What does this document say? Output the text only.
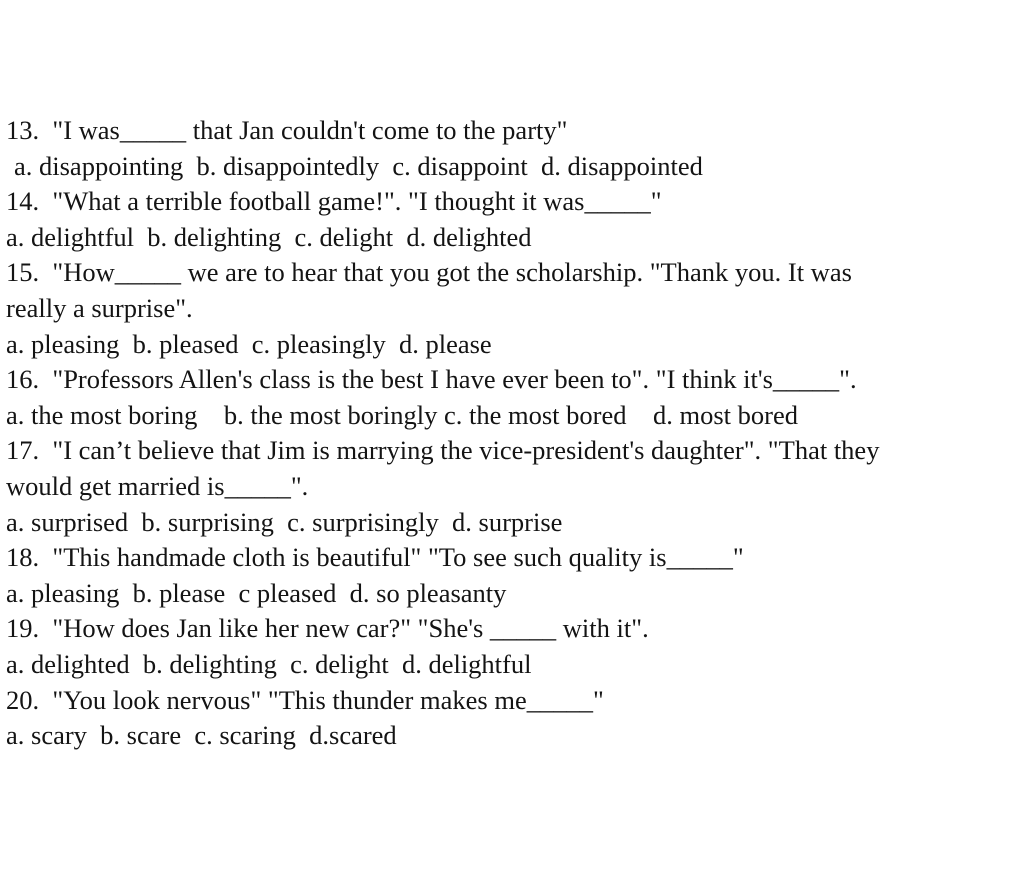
13.  "I was_____ that Jan couldn't come to the party"
a. disappointing  b. disappointedly  c. disappoint  d. disappointed
14.  "What a terrible football game!". "I thought it was_____"
a. delightful  b. delighting  c. delight  d. delighted
15.  "How_____ we are to hear that you got the scholarship. "Thank you. It was
really a surprise".
a. pleasing  b. pleased  c. pleasingly  d. please
16.  "Professors Allen's class is the best I have ever been to". "I think it's_____".
a. the most boring    b. the most boringly c. the most bored    d. most bored
17.  "I can’t believe that Jim is marrying the vice-president's daughter". "That they
would get married is_____".
a. surprised  b. surprising  c. surprisingly  d. surprise
18.  "This handmade cloth is beautiful" "To see such quality is_____"
a. pleasing  b. please  c pleased  d. so pleasanty
19.  "How does Jan like her new car?" "She's _____ with it".
a. delighted  b. delighting  c. delight  d. delightful
20.  "You look nervous" "This thunder makes me_____"
a. scary  b. scare  c. scaring  d.scared
